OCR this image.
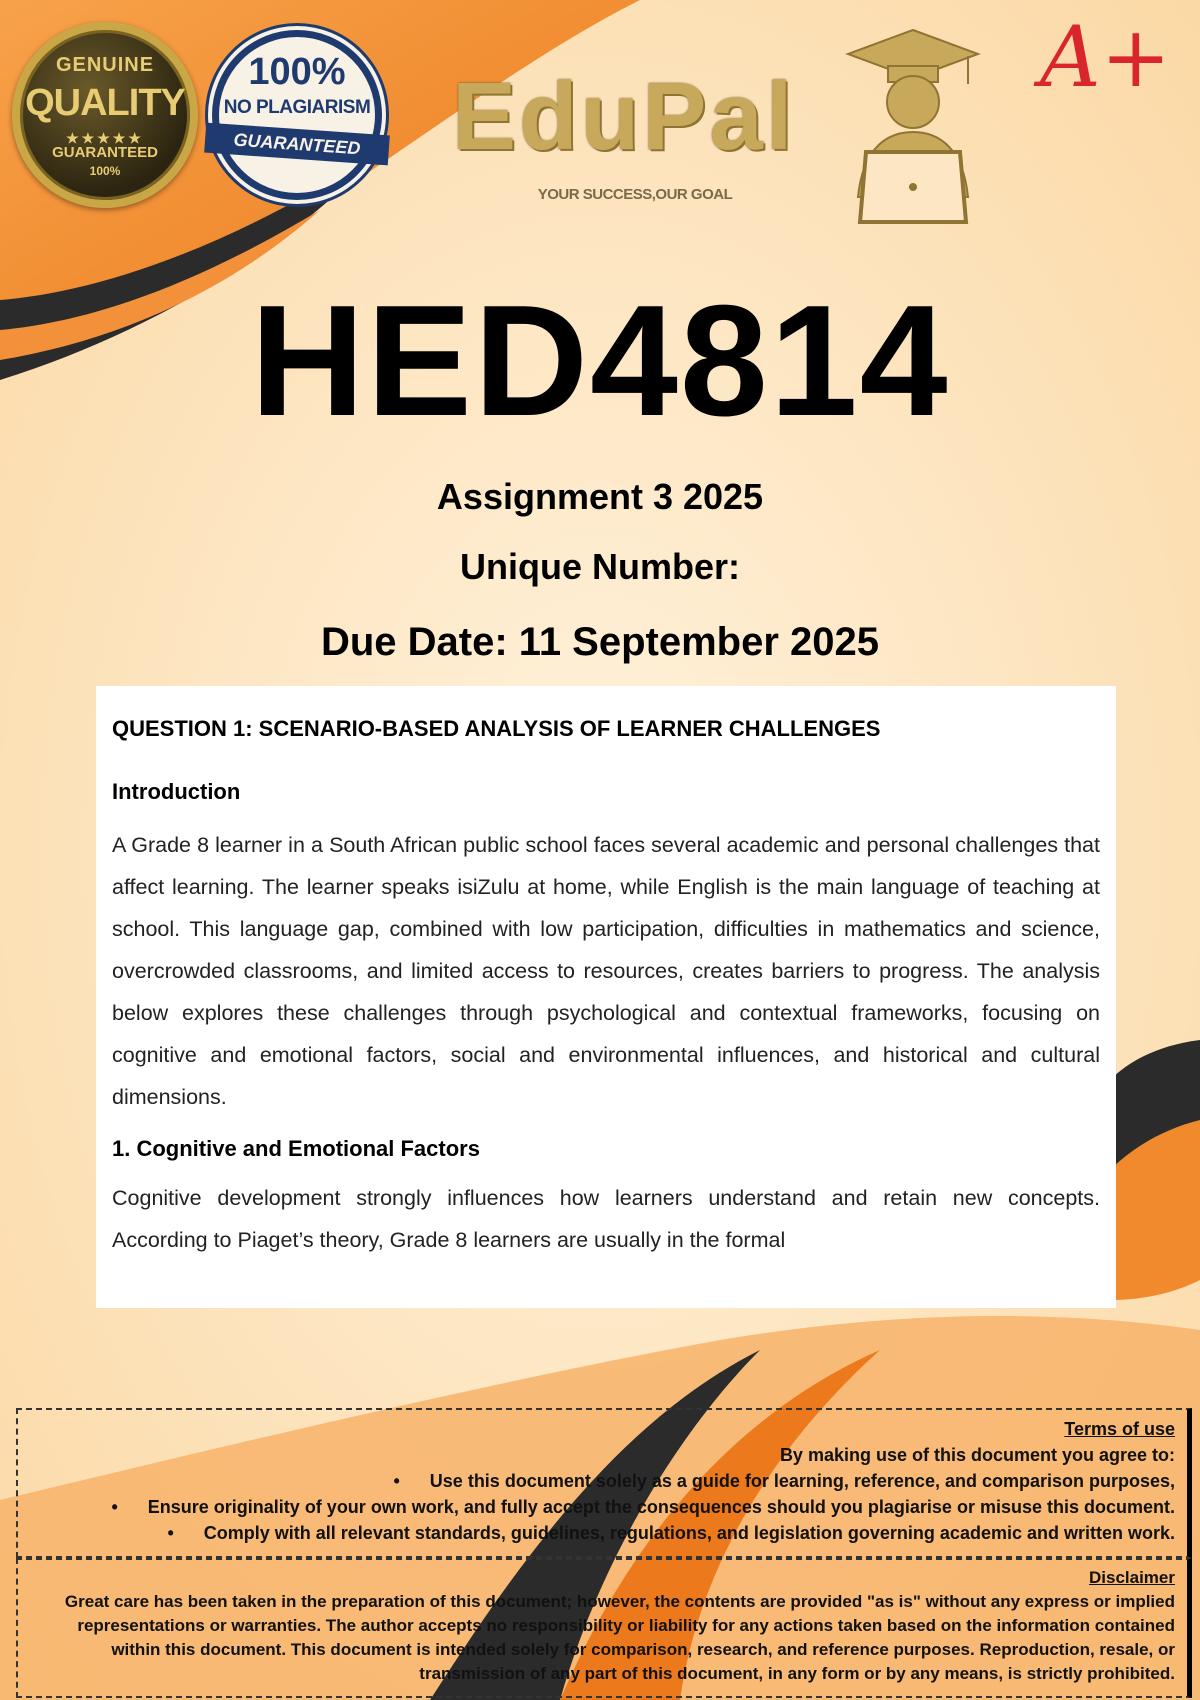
GENUINE
QUALITY
★★★★★
GUARANTEED
100%
100%
NO PLAGIARISM
GUARANTEED EduPal
YOUR SUCCESS,OUR GOAL
A+
HED4814
Assignment 3 2025
Unique Number:
Due Date: 11 September 2025
QUESTION 1: SCENARIO-BASED ANALYSIS OF LEARNER CHALLENGES
Introduction

A Grade 8 learner in a South African public school faces several academic and personal challenges that affect learning. The learner speaks isiZulu at home, while English is the main language of teaching at school. This language gap, combined with low participation, difficulties in mathematics and science, overcrowded classrooms, and limited access to resources, creates barriers to progress. The analysis below explores these challenges through psychological and contextual frameworks, focusing on cognitive and emotional factors, social and environmental influences, and historical and cultural dimensions.

1. Cognitive and Emotional Factors

Cognitive development strongly influences how learners understand and retain new concepts. According to Piaget’s theory, Grade 8 learners are usually in the formal

Terms of use
By making use of this document you agree to:
• Use this document solely as a guide for learning, reference, and comparison purposes,
• Ensure originality of your own work, and fully accept the consequences should you plagiarise or misuse this document.
• Comply with all relevant standards, guidelines, regulations, and legislation governing academic and written work.
Disclaimer
Great care has been taken in the preparation of this document; however, the contents are provided "as is" without any express or implied representations or warranties. The author accepts no responsibility or liability for any actions taken based on the information contained within this document. This document is intended solely for comparison, research, and reference purposes. Reproduction, resale, or transmission of any part of this document, in any form or by any means, is strictly prohibited.
